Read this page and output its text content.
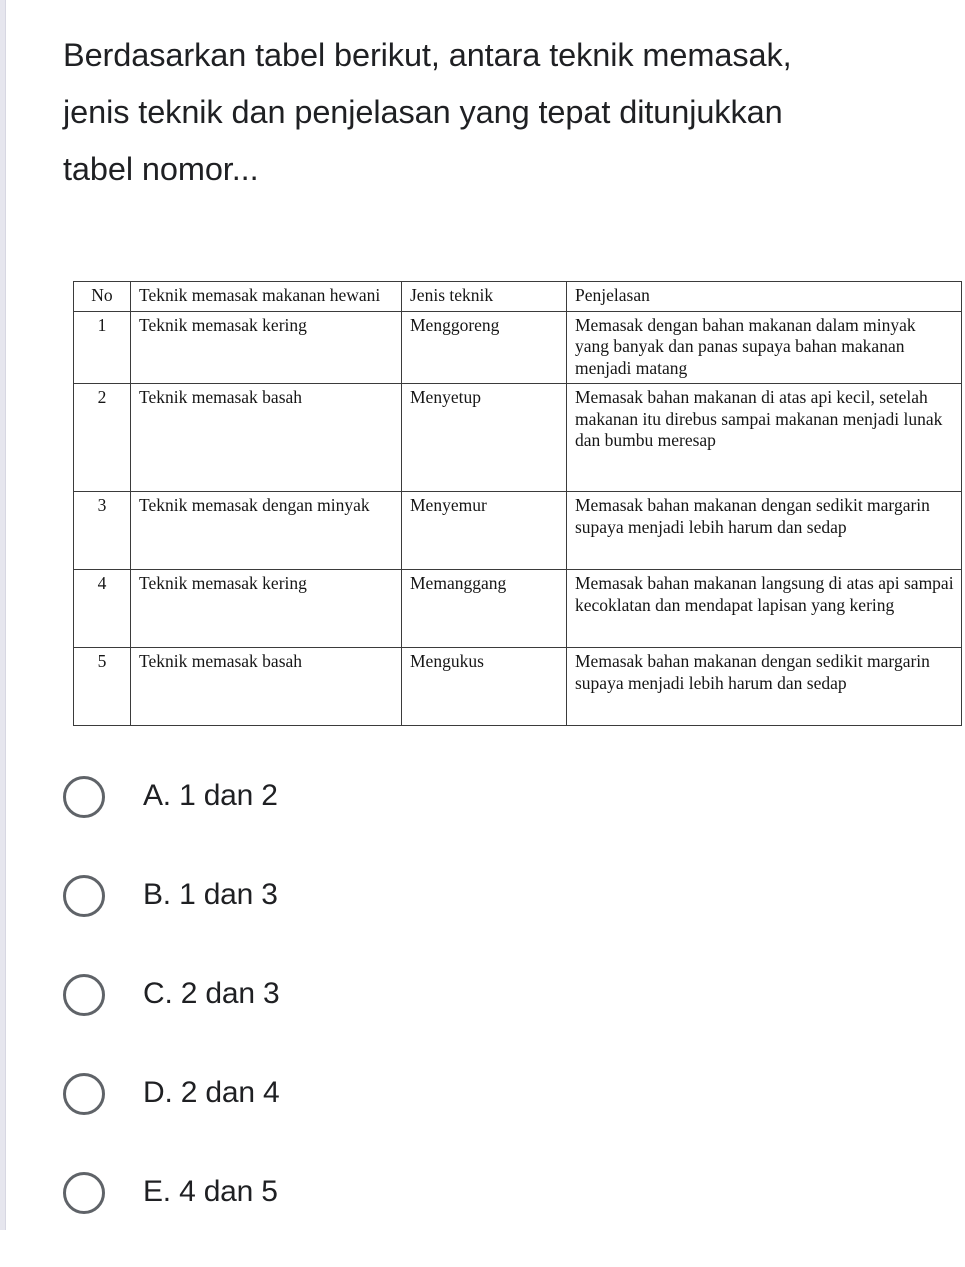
Berdasarkan tabel berikut, antara teknik memasak, jenis teknik dan penjelasan yang tepat ditunjukkan tabel nomor...
No	Teknik memasak makanan hewani	Jenis teknik	Penjelasan
1	Teknik memasak kering	Menggoreng	Memasak dengan bahan makanan dalam minyak yang banyak dan panas supaya bahan makanan menjadi matang
2	Teknik memasak basah	Menyetup	Memasak bahan makanan di atas api kecil, setelah makanan itu direbus sampai makanan menjadi lunak dan bumbu meresap
3	Teknik memasak dengan minyak	Menyemur	Memasak bahan makanan dengan sedikit margarin supaya menjadi lebih harum dan sedap
4	Teknik memasak kering	Memanggang	Memasak bahan makanan langsung di atas api sampai kecoklatan dan mendapat lapisan yang kering
5	Teknik memasak basah	Mengukus	Memasak bahan makanan dengan sedikit margarin supaya menjadi lebih harum dan sedap
A. 1 dan 2
B. 1 dan 3
C. 2 dan 3
D. 2 dan 4
E. 4 dan 5
